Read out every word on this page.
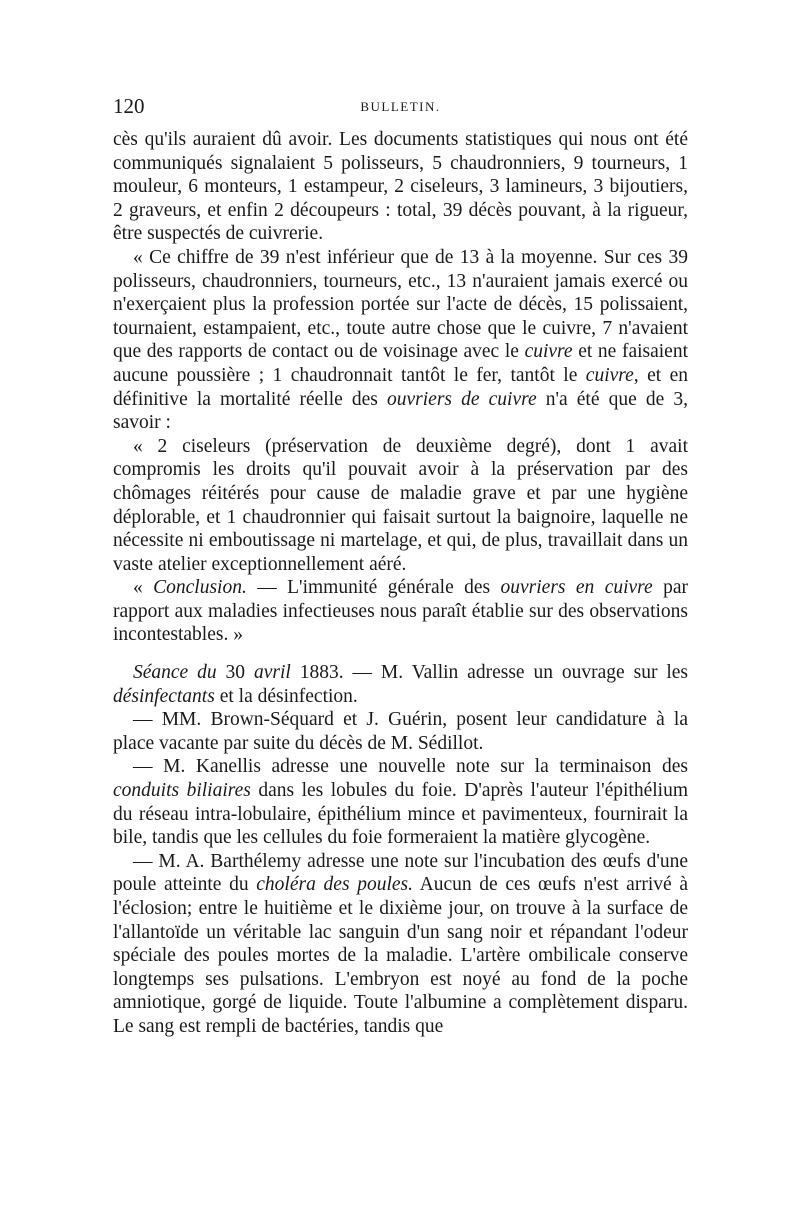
120	BULLETIN.

cès qu'ils auraient dû avoir. Les documents statistiques qui nous ont été communiqués signalaient 5 polisseurs, 5 chaudronniers, 9 tourneurs, 1 mouleur, 6 monteurs, 1 estampeur, 2 ciseleurs, 3 lamineurs, 3 bijoutiers, 2 graveurs, et enfin 2 découpeurs : total, 39 décès pouvant, à la rigueur, être suspectés de cuivrerie.

« Ce chiffre de 39 n'est inférieur que de 13 à la moyenne. Sur ces 39 polisseurs, chaudronniers, tourneurs, etc., 13 n'auraient jamais exercé ou n'exerçaient plus la profession portée sur l'acte de décès, 15 polissaient, tournaient, estampaient, etc., toute autre chose que le cuivre, 7 n'avaient que des rapports de contact ou de voisinage avec le cuivre et ne faisaient aucune poussière ; 1 chaudronnait tantôt le fer, tantôt le cuivre, et en définitive la mortalité réelle des ouvriers de cuivre n'a été que de 3, savoir :

« 2 ciseleurs (préservation de deuxième degré), dont 1 avait compromis les droits qu'il pouvait avoir à la préservation par des chômages réitérés pour cause de maladie grave et par une hygiène déplorable, et 1 chaudronnier qui faisait surtout la baignoire, laquelle ne nécessite ni emboutissage ni martelage, et qui, de plus, travaillait dans un vaste atelier exceptionnellement aéré.

« Conclusion. — L'immunité générale des ouvriers en cuivre par rapport aux maladies infectieuses nous paraît établie sur des observations incontestables. »

Séance du 30 avril 1883. — M. Vallin adresse un ouvrage sur les désinfectants et la désinfection.

— MM. Brown-Séquard et J. Guérin, posent leur candidature à la place vacante par suite du décès de M. Sédillot.

— M. Kanellis adresse une nouvelle note sur la terminaison des conduits biliaires dans les lobules du foie. D'après l'auteur l'épithélium du réseau intra-lobulaire, épithélium mince et pavimenteux, fournirait la bile, tandis que les cellules du foie formeraient la matière glycogène.

— M. A. Barthélemy adresse une note sur l'incubation des œufs d'une poule atteinte du choléra des poules. Aucun de ces œufs n'est arrivé à l'éclosion; entre le huitième et le dixième jour, on trouve à la surface de l'allantoïde un véritable lac sanguin d'un sang noir et répandant l'odeur spéciale des poules mortes de la maladie. L'artère ombilicale conserve longtemps ses pulsations. L'embryon est noyé au fond de la poche amniotique, gorgé de liquide. Toute l'albumine a complètement disparu. Le sang est rempli de bactéries, tandis que
